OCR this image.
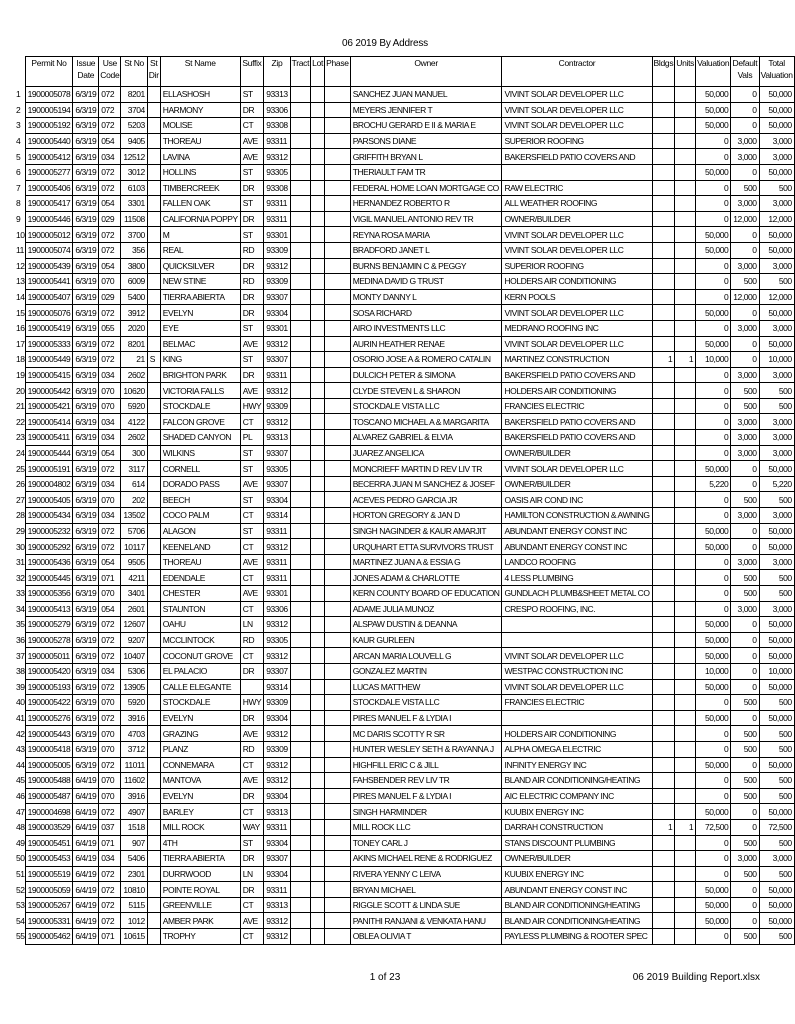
06 2019 By Address
	Permit No	Issue Date	Use Code	St No	St Dir	St Name	Suffix	Zip	Tract	Lot	Phase	Owner	Contractor	Bldgs	Units	Valuation	Default Vals	Total Valuation
1	1900005078	6/3/19	072	8201		ELLASHOSH	ST	93313				SANCHEZ JUAN MANUEL	VIVINT SOLAR DEVELOPER LLC			50,000	0	50,000
2	1900005194	6/3/19	072	3704		HARMONY	DR	93306				MEYERS JENNIFER T	VIVINT SOLAR DEVELOPER LLC			50,000	0	50,000
3	1900005192	6/3/19	072	5203		MOLISE	CT	93308				BROCHU GERARD E II & MARIA E	VIVINT SOLAR DEVELOPER LLC			50,000	0	50,000
4	1900005440	6/3/19	054	9405		THOREAU	AVE	93311				PARSONS DIANE	SUPERIOR ROOFING			0	3,000	3,000
5	1900005412	6/3/19	034	12512		LAVINA	AVE	93312				GRIFFITH BRYAN L	BAKERSFIELD PATIO COVERS AND			0	3,000	3,000
6	1900005277	6/3/19	072	3012		HOLLINS	ST	93305				THERIAULT FAM TR				50,000	0	50,000
7	1900005406	6/3/19	072	6103		TIMBERCREEK	DR	93308				FEDERAL HOME LOAN MORTGAGE CO	RAW ELECTRIC			0	500	500
8	1900005417	6/3/19	054	3301		FALLEN OAK	ST	93311				HERNANDEZ ROBERTO R	ALL WEATHER ROOFING			0	3,000	3,000
9	1900005446	6/3/19	029	11508		CALIFORNIA POPPY	DR	93311				VIGIL MANUEL ANTONIO REV TR	OWNER/BUILDER			0	12,000	12,000
10	1900005012	6/3/19	072	3700		M	ST	93301				REYNA ROSA MARIA	VIVINT SOLAR DEVELOPER LLC			50,000	0	50,000
11	1900005074	6/3/19	072	356		REAL	RD	93309				BRADFORD JANET L	VIVINT SOLAR DEVELOPER LLC			50,000	0	50,000
12	1900005439	6/3/19	054	3800		QUICKSILVER	DR	93312				BURNS BENJAMIN C & PEGGY	SUPERIOR ROOFING			0	3,000	3,000
13	1900005441	6/3/19	070	6009		NEW STINE	RD	93309				MEDINA DAVID G TRUST	HOLDERS AIR CONDITIONING			0	500	500
14	1900005407	6/3/19	029	5400		TIERRA ABIERTA	DR	93307				MONTY DANNY L	KERN POOLS			0	12,000	12,000
15	1900005076	6/3/19	072	3912		EVELYN	DR	93304				SOSA RICHARD	VIVINT SOLAR DEVELOPER LLC			50,000	0	50,000
16	1900005419	6/3/19	055	2020		EYE	ST	93301				AIRO INVESTMENTS LLC	MEDRANO ROOFING INC			0	3,000	3,000
17	1900005333	6/3/19	072	8201		BELMAC	AVE	93312				AURIN HEATHER RENAE	VIVINT SOLAR DEVELOPER LLC			50,000	0	50,000
18	1900005449	6/3/19	072	21	S	KING	ST	93307				OSORIO JOSE A & ROMERO CATALIN	MARTINEZ CONSTRUCTION	1	1	10,000	0	10,000
19	1900005415	6/3/19	034	2602		BRIGHTON PARK	DR	93311				DULCICH PETER & SIMONA	BAKERSFIELD PATIO COVERS AND			0	3,000	3,000
20	1900005442	6/3/19	070	10620		VICTORIA FALLS	AVE	93312				CLYDE STEVEN L & SHARON	HOLDERS AIR CONDITIONING			0	500	500
21	1900005421	6/3/19	070	5920		STOCKDALE	HWY	93309				STOCKDALE VISTA LLC	FRANCIES ELECTRIC			0	500	500
22	1900005414	6/3/19	034	4122		FALCON GROVE	CT	93312				TOSCANO MICHAEL A & MARGARITA	BAKERSFIELD PATIO COVERS AND			0	3,000	3,000
23	1900005411	6/3/19	034	2602		SHADED CANYON	PL	93313				ALVAREZ GABRIEL & ELVIA	BAKERSFIELD PATIO COVERS AND			0	3,000	3,000
24	1900005444	6/3/19	054	300		WILKINS	ST	93307				JUAREZ ANGELICA	OWNER/BUILDER			0	3,000	3,000
25	1900005191	6/3/19	072	3117		CORNELL	ST	93305				MONCRIEFF MARTIN D REV LIV TR	VIVINT SOLAR DEVELOPER LLC			50,000	0	50,000
26	1900004802	6/3/19	034	614		DORADO PASS	AVE	93307				BECERRA JUAN M SANCHEZ & JOSEF	OWNER/BUILDER			5,220	0	5,220
27	1900005405	6/3/19	070	202		BEECH	ST	93304				ACEVES PEDRO GARCIA JR	OASIS AIR COND INC			0	500	500
28	1900005434	6/3/19	034	13502		COCO PALM	CT	93314				HORTON GREGORY & JAN D	HAMILTON CONSTRUCTION & AWNING			0	3,000	3,000
29	1900005232	6/3/19	072	5706		ALAGON	ST	93311				SINGH NAGINDER & KAUR AMARJIT	ABUNDANT ENERGY CONST INC			50,000	0	50,000
30	1900005292	6/3/19	072	10117		KEENELAND	CT	93312				URQUHART ETTA SURVIVORS TRUST	ABUNDANT ENERGY CONST INC			50,000	0	50,000
31	1900005436	6/3/19	054	9505		THOREAU	AVE	93311				MARTINEZ JUAN A & ESSIA G	LANDCO ROOFING			0	3,000	3,000
32	1900005445	6/3/19	071	4211		EDENDALE	CT	93311				JONES ADAM & CHARLOTTE	4 LESS PLUMBING			0	500	500
33	1900005356	6/3/19	070	3401		CHESTER	AVE	93301				KERN COUNTY BOARD OF EDUCATION	GUNDLACH PLUMB&SHEET METAL CO			0	500	500
34	1900005413	6/3/19	054	2601		STAUNTON	CT	93306				ADAME JULIA MUNOZ	CRESPO ROOFING, INC.			0	3,000	3,000
35	1900005279	6/3/19	072	12607		OAHU	LN	93312				ALSPAW DUSTIN & DEANNA				50,000	0	50,000
36	1900005278	6/3/19	072	9207		MCCLINTOCK	RD	93305				KAUR GURLEEN				50,000	0	50,000
37	1900005011	6/3/19	072	10407		COCONUT GROVE	CT	93312				ARCAN MARIA LOUVELL G	VIVINT SOLAR DEVELOPER LLC			50,000	0	50,000
38	1900005420	6/3/19	034	5306		EL PALACIO	DR	93307				GONZALEZ MARTIN	WESTPAC CONSTRUCTION INC			10,000	0	10,000
39	1900005193	6/3/19	072	13905		CALLE ELEGANTE		93314				LUCAS MATTHEW	VIVINT SOLAR DEVELOPER LLC			50,000	0	50,000
40	1900005422	6/3/19	070	5920		STOCKDALE	HWY	93309				STOCKDALE VISTA LLC	FRANCIES ELECTRIC			0	500	500
41	1900005276	6/3/19	072	3916		EVELYN	DR	93304				PIRES MANUEL F & LYDIA I				50,000	0	50,000
42	1900005443	6/3/19	070	4703		GRAZING	AVE	93312				MC DARIS SCOTTY R SR	HOLDERS AIR CONDITIONING			0	500	500
43	1900005418	6/3/19	070	3712		PLANZ	RD	93309				HUNTER WESLEY SETH & RAYANNA J	ALPHA OMEGA ELECTRIC			0	500	500
44	1900005005	6/3/19	072	11011		CONNEMARA	CT	93312				HIGHFILL ERIC C & JILL	INFINITY ENERGY INC			50,000	0	50,000
45	1900005488	6/4/19	070	11602		MANTOVA	AVE	93312				FAHSBENDER REV LIV TR	BLAND AIR CONDITIONING/HEATING			0	500	500
46	1900005487	6/4/19	070	3916		EVELYN	DR	93304				PIRES MANUEL F & LYDIA I	AIC ELECTRIC COMPANY INC			0	500	500
47	1900004698	6/4/19	072	4907		BARLEY	CT	93313				SINGH HARMINDER	KUUBIX ENERGY INC			50,000	0	50,000
48	1900003529	6/4/19	037	1518		MILL ROCK	WAY	93311				MILL ROCK LLC	DARRAH CONSTRUCTION	1	1	72,500	0	72,500
49	1900005451	6/4/19	071	907		4TH	ST	93304				TONEY CARL J	STANS DISCOUNT PLUMBING			0	500	500
50	1900005453	6/4/19	034	5406		TIERRA ABIERTA	DR	93307				AKINS MICHAEL RENE & RODRIGUEZ	OWNER/BUILDER			0	3,000	3,000
51	1900005519	6/4/19	072	2301		DURRWOOD	LN	93304				RIVERA YENNY C LEIVA	KUUBIX ENERGY INC			0	500	500
52	1900005059	6/4/19	072	10810		POINTE ROYAL	DR	93311				BRYAN MICHAEL	ABUNDANT ENERGY CONST INC			50,000	0	50,000
53	1900005267	6/4/19	072	5115		GREENVILLE	CT	93313				RIGGLE SCOTT & LINDA SUE	BLAND AIR CONDITIONING/HEATING			50,000	0	50,000
54	1900005331	6/4/19	072	1012		AMBER PARK	AVE	93312				PANITHI RANJANI & VENKATA HANU	BLAND AIR CONDITIONING/HEATING			50,000	0	50,000
55	1900005462	6/4/19	071	10615		TROPHY	CT	93312				OBLEA OLIVIA T	PAYLESS PLUMBING & ROOTER SPEC			0	500	500
1 of 23	06 2019 Building Report.xlsx
